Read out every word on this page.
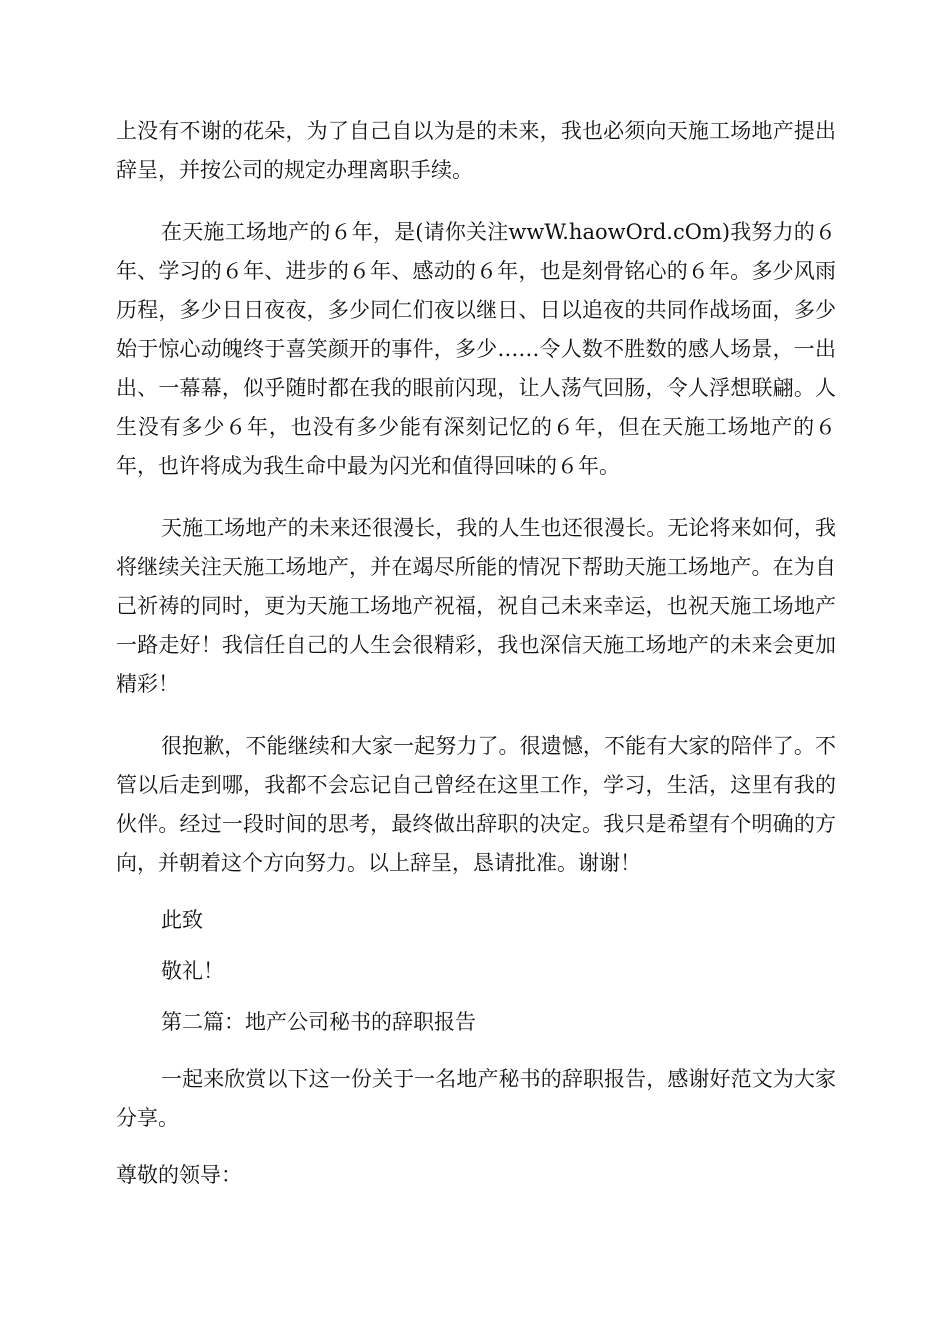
上没有不谢的花朵，为了自己自以为是的未来，我也必须向天施工场地产提出辞呈，并按公司的规定办理离职手续。

在天施工场地产的６年，是(请你关注wwW.haowOrd.cOm)我努力的６年、学习的６年、进步的６年、感动的６年，也是刻骨铭心的６年。多少风雨历程，多少日日夜夜，多少同仁们夜以继日、日以追夜的共同作战场面，多少始于惊心动魄终于喜笑颜开的事件，多少……令人数不胜数的感人场景，一出出、一幕幕，似乎随时都在我的眼前闪现，让人荡气回肠，令人浮想联翩。人生没有多少６年，也没有多少能有深刻记忆的６年，但在天施工场地产的６年，也许将成为我生命中最为闪光和值得回味的６年。

天施工场地产的未来还很漫长，我的人生也还很漫长。无论将来如何，我将继续关注天施工场地产，并在竭尽所能的情况下帮助天施工场地产。在为自己祈祷的同时，更为天施工场地产祝福，祝自己未来幸运，也祝天施工场地产一路走好！我信任自己的人生会很精彩，我也深信天施工场地产的未来会更加精彩！

很抱歉，不能继续和大家一起努力了。很遗憾，不能有大家的陪伴了。不管以后走到哪，我都不会忘记自己曾经在这里工作，学习，生活，这里有我的伙伴。经过一段时间的思考，最终做出辞职的决定。我只是希望有个明确的方向，并朝着这个方向努力。以上辞呈，恳请批准。谢谢！

此致

敬礼！

第二篇：地产公司秘书的辞职报告

一起来欣赏以下这一份关于一名地产秘书的辞职报告，感谢好范文为大家分享。

尊敬的领导：
